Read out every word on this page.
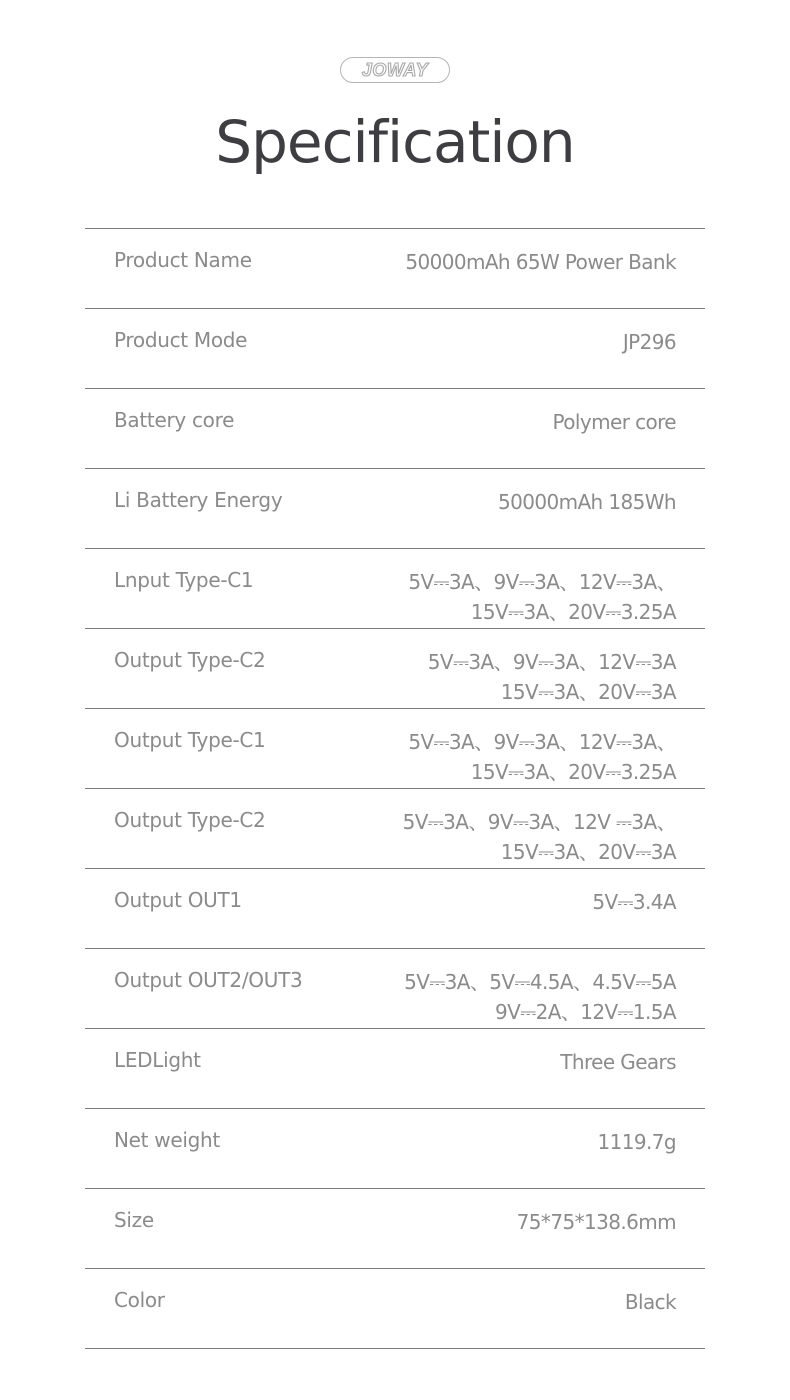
JOWAY
Specification
Product Name	50000mAh 65W Power Bank
Product Mode	JP296
Battery core	Polymer core
Li Battery Energy	50000mAh 185Wh
Lnput Type-C1	5V⎓3A、9V⎓3A、12V⎓3A、
15V⎓3A、20V⎓3.25A
Output Type-C2	5V⎓3A、9V⎓3A、12V⎓3A
15V⎓3A、20V⎓3A
Output Type-C1	5V⎓3A、9V⎓3A、12V⎓3A、
15V⎓3A、20V⎓3.25A
Output Type-C2	5V⎓3A、9V⎓3A、12V ⎓3A、
15V⎓3A、20V⎓3A
Output OUT1	5V⎓3.4A
Output OUT2/OUT3	5V⎓3A、5V⎓4.5A、4.5V⎓5A
9V⎓2A、12V⎓1.5A
LEDLight	Three Gears
Net weight	1119.7g
Size	75*75*138.6mm
Color	Black
